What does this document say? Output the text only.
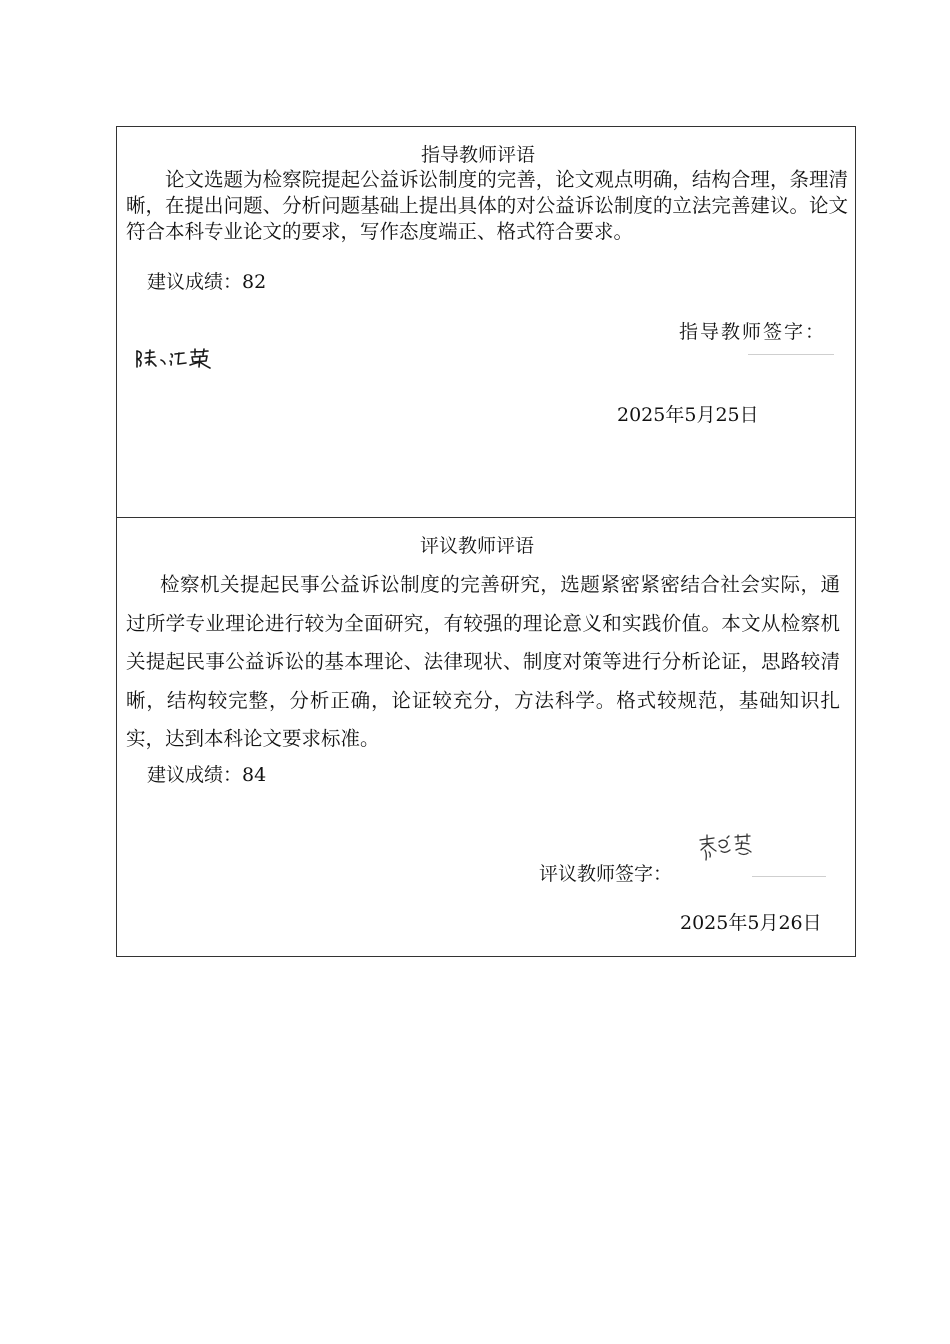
指导教师评语
论文选题为检察院提起公益诉讼制度的完善，论文观点明确，结构合理，条理清晰，在提出问题、分析问题基础上提出具体的对公益诉讼制度的立法完善建议。论文符合本科专业论文的要求，写作态度端正、格式符合要求。
建议成绩：82
指导教师签字：
2025年5月25日
评议教师评语
检察机关提起民事公益诉讼制度的完善研究，选题紧密紧密结合社会实际，通过所学专业理论进行较为全面研究，有较强的理论意义和实践价值。本文从检察机关提起民事公益诉讼的基本理论、法律现状、制度对策等进行分析论证，思路较清晰，结构较完整，分析正确，论证较充分，方法科学。格式较规范，基础知识扎实，达到本科论文要求标准。
建议成绩：84
评议教师签字：
2025年5月26日
